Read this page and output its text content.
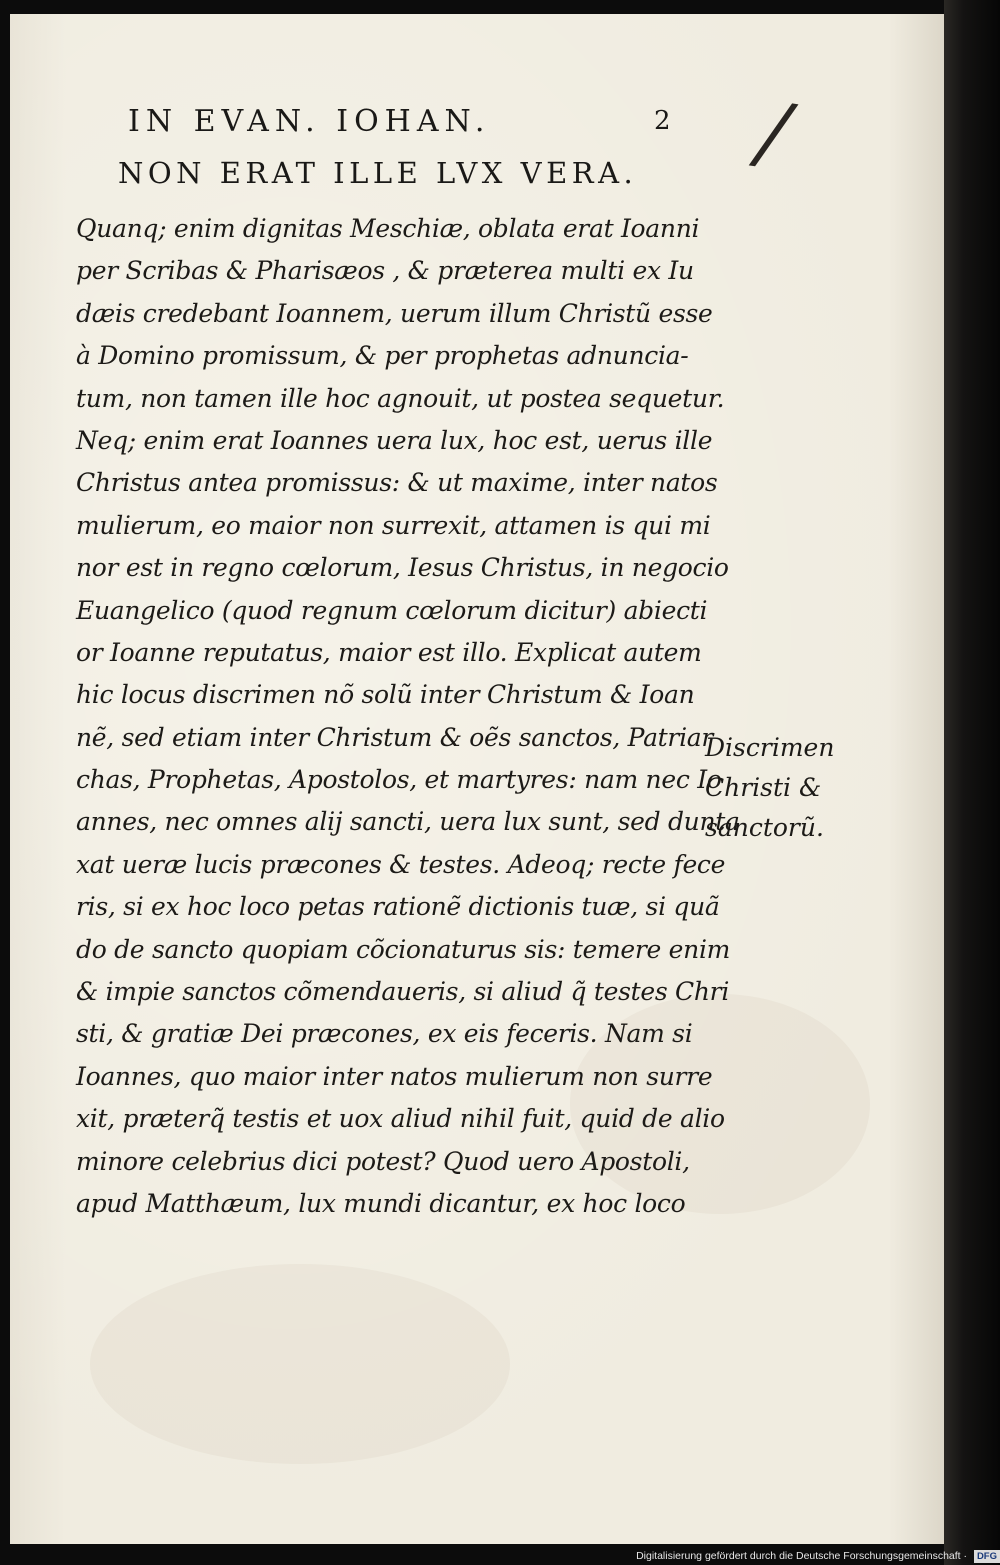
IN EVAN. IOHAN.	2 /
NON ERAT ILLE LVX VERA.
Quanq; enim dignitas Meschiæ, oblata erat Ioanni
per Scribas & Pharisæos , & præterea multi ex Iu
dæis credebant Ioannem, uerum illum Christũ esse
à Domino promissum, & per prophetas adnuncia-
tum, non tamen ille hoc agnouit, ut postea sequetur.
Neq; enim erat Ioannes uera lux, hoc est, uerus ille
Christus antea promissus: & ut maxime, inter natos
mulierum, eo maior non surrexit, attamen is qui mi
nor est in regno cœlorum, Iesus Christus, in negocio
Euangelico (quod regnum cœlorum dicitur) abiecti
or Ioanne reputatus, maior est illo. Explicat autem
hic locus discrimen nõ solũ inter Christum & Ioan
nẽ, sed etiam inter Christum & oẽs sanctos, Patriar
chas, Prophetas, Apostolos, et martyres: nam nec Io
annes, nec omnes alij sancti, uera lux sunt, sed dunta
xat ueræ lucis præcones & testes. Adeoq; recte fece
ris, si ex hoc loco petas rationẽ dictionis tuæ, si quã
do de sancto quopiam cõcionaturus sis: temere enim
& impie sanctos cõmendaueris, si aliud q̃ testes Chri
sti, & gratiæ Dei præcones, ex eis feceris. Nam si
Ioannes, quo maior inter natos mulierum non surre
xit, præterq̃ testis et uox aliud nihil fuit, quid de alio
minore celebrius dici potest? Quod uero Apostoli,
apud Matthæum, lux mundi dicantur, ex hoc loco
Discrimen
Christi &
sanctorũ.
Digitalisierung gefördert durch die Deutsche Forschungsgemeinschaft · DFG
